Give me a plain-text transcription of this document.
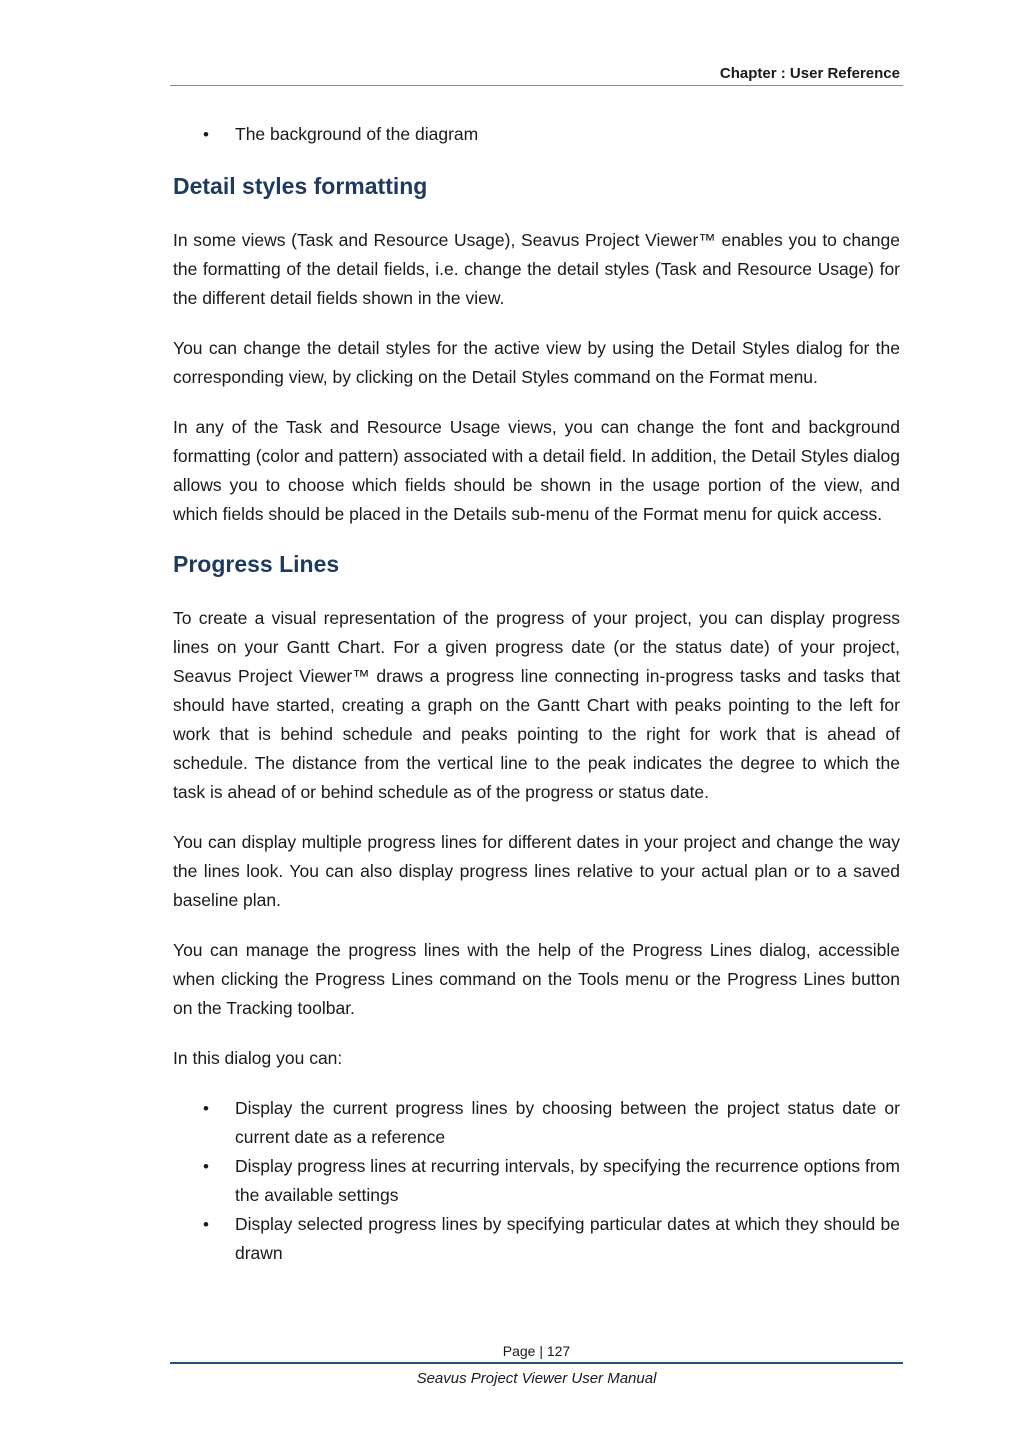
Chapter : User Reference
• The background of the diagram
Detail styles formatting

In some views (Task and Resource Usage), Seavus Project Viewer™ enables you to change the formatting of the detail fields, i.e. change the detail styles (Task and Resource Usage) for the different detail fields shown in the view.

You can change the detail styles for the active view by using the Detail Styles dialog for the corresponding view, by clicking on the Detail Styles command on the Format menu.

In any of the Task and Resource Usage views, you can change the font and background formatting (color and pattern) associated with a detail field. In addition, the Detail Styles dialog allows you to choose which fields should be shown in the usage portion of the view, and which fields should be placed in the Details sub-menu of the Format menu for quick access.

Progress Lines

To create a visual representation of the progress of your project, you can display progress lines on your Gantt Chart. For a given progress date (or the status date) of your project, Seavus Project Viewer™ draws a progress line connecting in-progress tasks and tasks that should have started, creating a graph on the Gantt Chart with peaks pointing to the left for work that is behind schedule and peaks pointing to the right for work that is ahead of schedule. The distance from the vertical line to the peak indicates the degree to which the task is ahead of or behind schedule as of the progress or status date.

You can display multiple progress lines for different dates in your project and change the way the lines look. You can also display progress lines relative to your actual plan or to a saved baseline plan.

You can manage the progress lines with the help of the Progress Lines dialog, accessible when clicking the Progress Lines command on the Tools menu or the Progress Lines button on the Tracking toolbar.

In this dialog you can:

• Display the current progress lines by choosing between the project status date or current date as a reference
• Display progress lines at recurring intervals, by specifying the recurrence options from the available settings
• Display selected progress lines by specifying particular dates at which they should be drawn
Page | 127
Seavus Project Viewer User Manual
